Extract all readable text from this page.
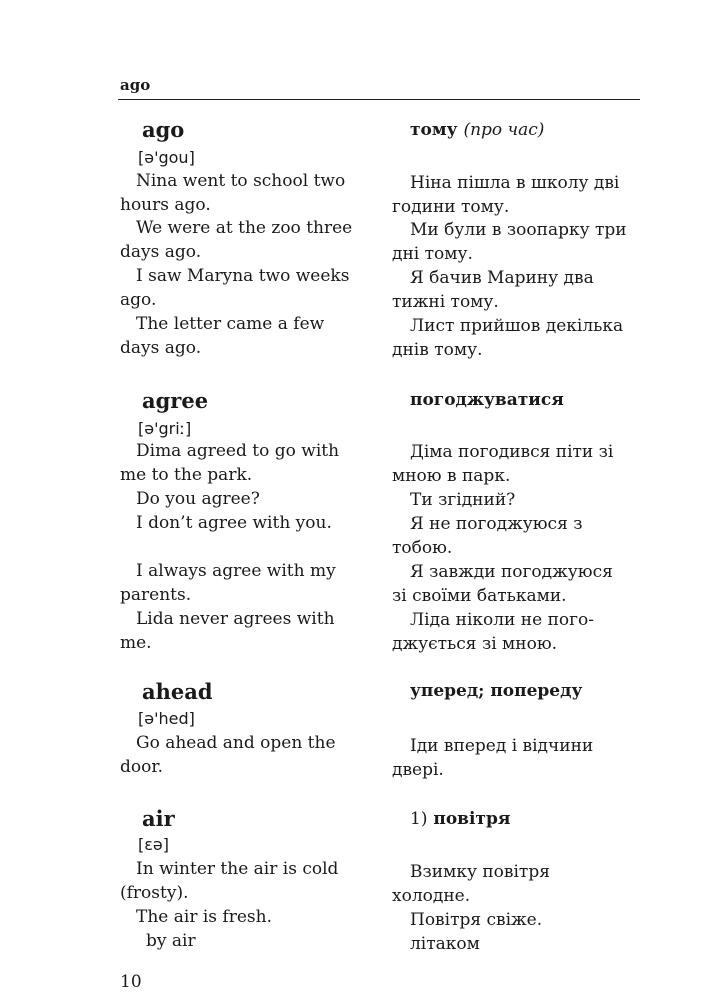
ago
ago
[ə'gou]
тому (про час)
Nina went to school two
hours ago.
We were at the zoo three
days ago.
I saw Maryna two weeks
ago.
The letter came a few
days ago.
Ніна пішла в школу дві
години тому.
Ми були в зоопарку три
дні тому.
Я бачив Марину два
тижні тому.
Лист прийшов декілька
днів тому.
agree
[ə'griː]
погоджуватися
Dima agreed to go with
me to the park.
Do you agree?
I don’t agree with you.
I always agree with my
parents.
Lida never agrees with
me.
Діма погодився піти зі
мною в парк.
Ти згідний?
Я не погоджуюся з
тобою.
Я завжди погоджуюся
зі своїми батьками.
Ліда ніколи не пого-
джується зі мною.
ahead
[ə'hed]
уперед; попереду
Go ahead and open the
door.
Іди вперед і відчини
двері.
air
[εə]
1) повітря
In winter the air is cold
(frosty).
The air is fresh.
by air
Взимку повітря
холодне.
Повітря свіже.
літаком
10
